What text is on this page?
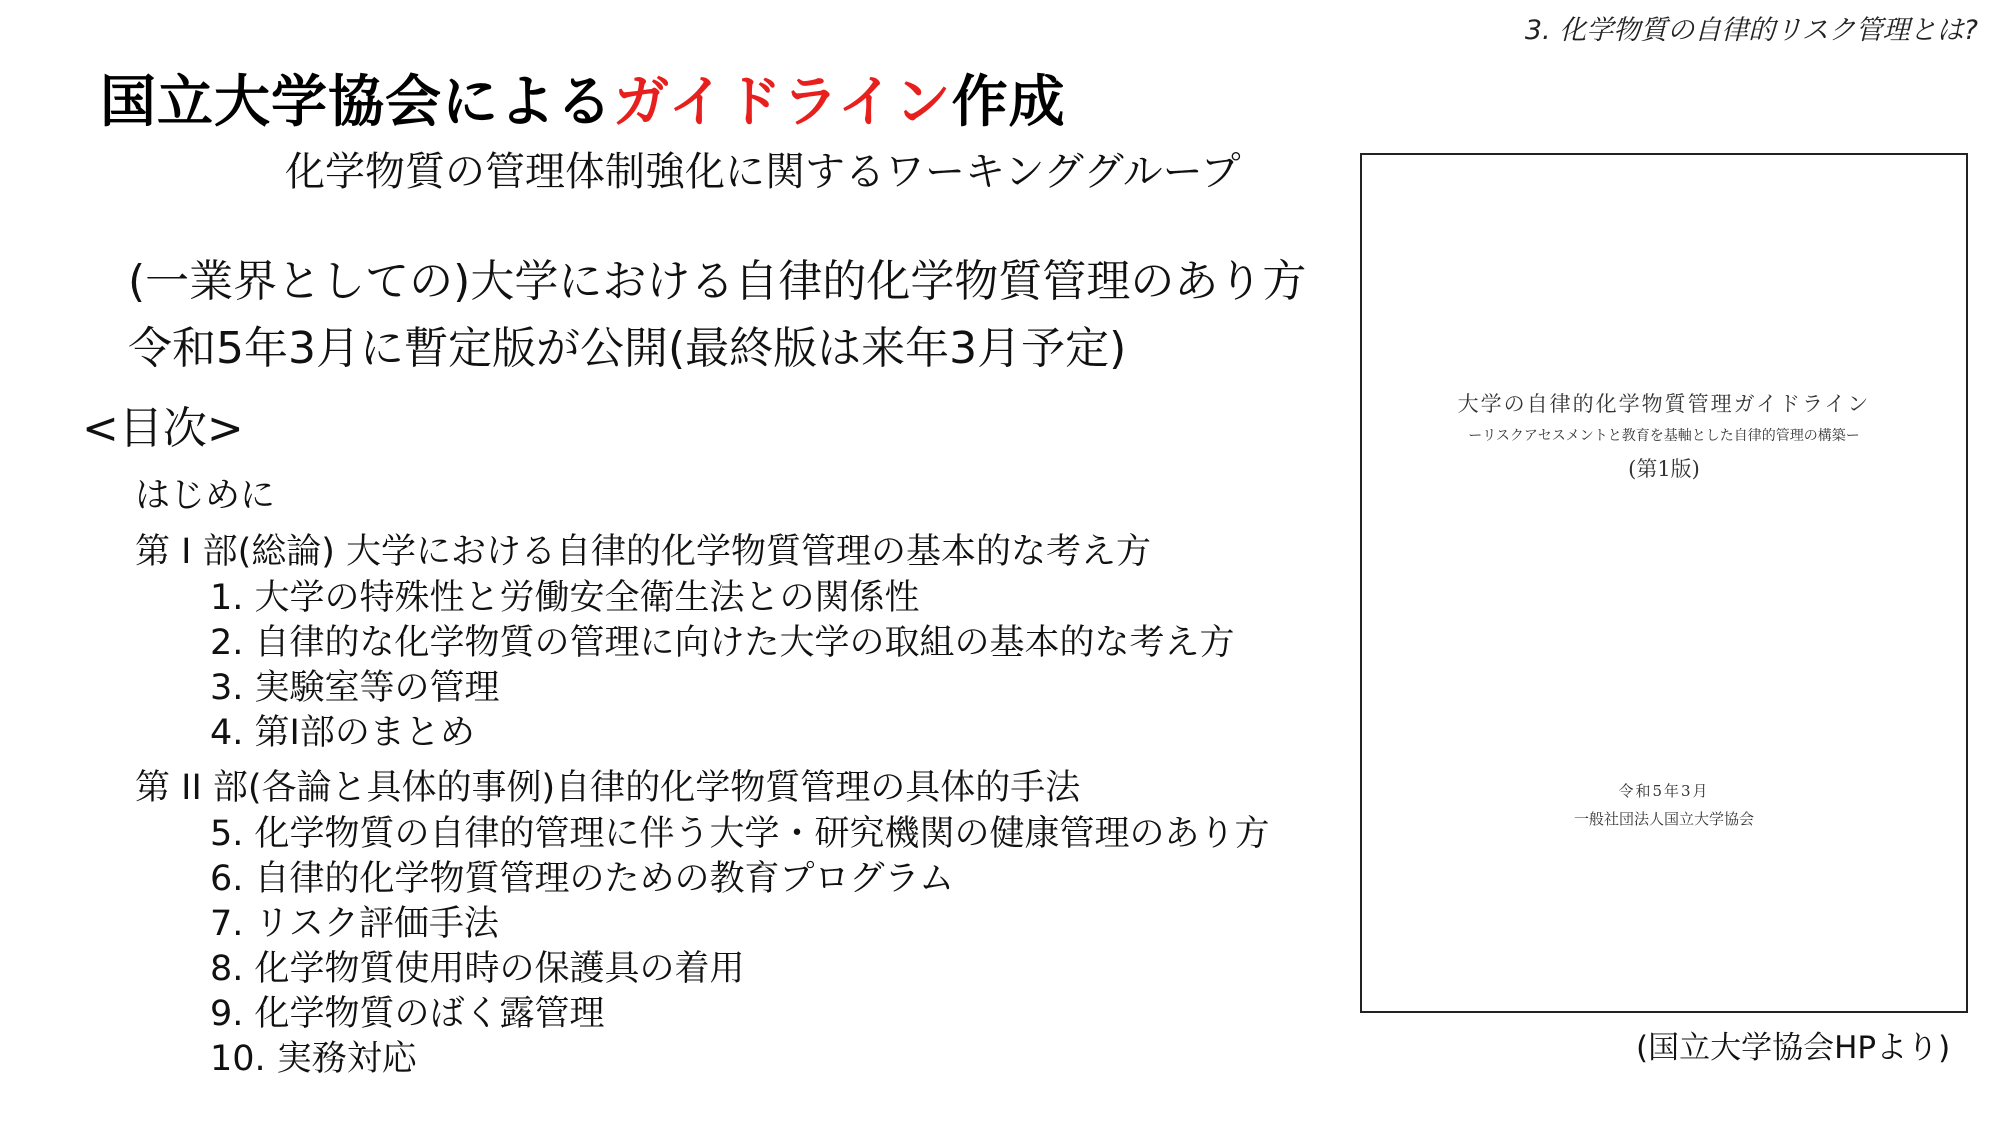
3. 化学物質の自律的リスク管理とは?
国立大学協会によるガイドライン作成
化学物質の管理体制強化に関するワーキンググループ
(一業界としての)大学における自律的化学物質管理のあり方
令和5年3月に暫定版が公開(最終版は来年3月予定)
<目次>
はじめに
第 I 部(総論) 大学における自律的化学物質管理の基本的な考え方
1. 大学の特殊性と労働安全衛生法との関係性
2. 自律的な化学物質の管理に向けた大学の取組の基本的な考え方
3. 実験室等の管理
4. 第I部のまとめ
第 II 部(各論と具体的事例)自律的化学物質管理の具体的手法
5. 化学物質の自律的管理に伴う大学・研究機関の健康管理のあり方
6. 自律的化学物質管理のための教育プログラム
7. リスク評価手法
8. 化学物質使用時の保護具の着用
9. 化学物質のばく露管理
10. 実務対応
大学の自律的化学物質管理ガイドライン
ーリスクアセスメントと教育を基軸とした自律的管理の構築ー
(第1版)
令和5年3月
一般社団法人国立大学協会
(国立大学協会HPより)
